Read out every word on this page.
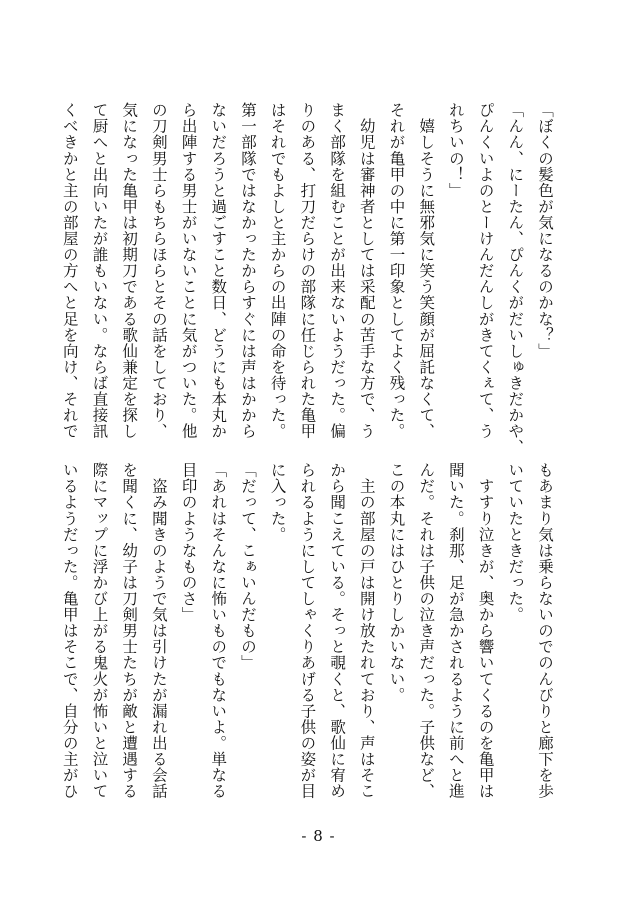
「ぼくの髪色が気になるのかな？」
「んん、にーたん、ぴんくがだいしゅきだかや、
ぴんくいよのとーけんだんしがきてくぇて、う
れちいの！」
　嬉しそうに無邪気に笑う笑顔が屈託なくて、
それが亀甲の中に第一印象としてよく残った。
　幼児は審神者としては采配の苦手な方で、う
まく部隊を組むことが出来ないようだった。偏
りのある、打刀だらけの部隊に任じられた亀甲
はそれでもよしと主からの出陣の命を待った。
第一部隊ではなかったからすぐには声はかから
ないだろうと過ごすこと数日、どうにも本丸か
ら出陣する男士がいないことに気がついた。他
の刀剣男士らもちらほらとその話をしており、
気になった亀甲は初期刀である歌仙兼定を探し
て厨へと出向いたが誰もいない。ならば直接訊
くべきかと主の部屋の方へと足を向け、それで
もあまり気は乗らないのでのんびりと廊下を歩
いていたときだった。
　すすり泣きが、奥から響いてくるのを亀甲は
聞いた。刹那、足が急かされるように前へと進
んだ。それは子供の泣き声だった。子供など、
この本丸にはひとりしかいない。
　主の部屋の戸は開け放たれており、声はそこ
から聞こえている。そっと覗くと、歌仙に宥め
られるようにしてしゃくりあげる子供の姿が目
に入った。
「だって、こぁいんだもの」
「あれはそんなに怖いものでもないよ。単なる
目印のようなものさ」
　盗み聞きのようで気は引けたが漏れ出る会話
を聞くに、幼子は刀剣男士たちが敵と遭遇する
際にマップに浮かび上がる鬼火が怖いと泣いて
いるようだった。亀甲はそこで、自分の主がひ
- 8 -
